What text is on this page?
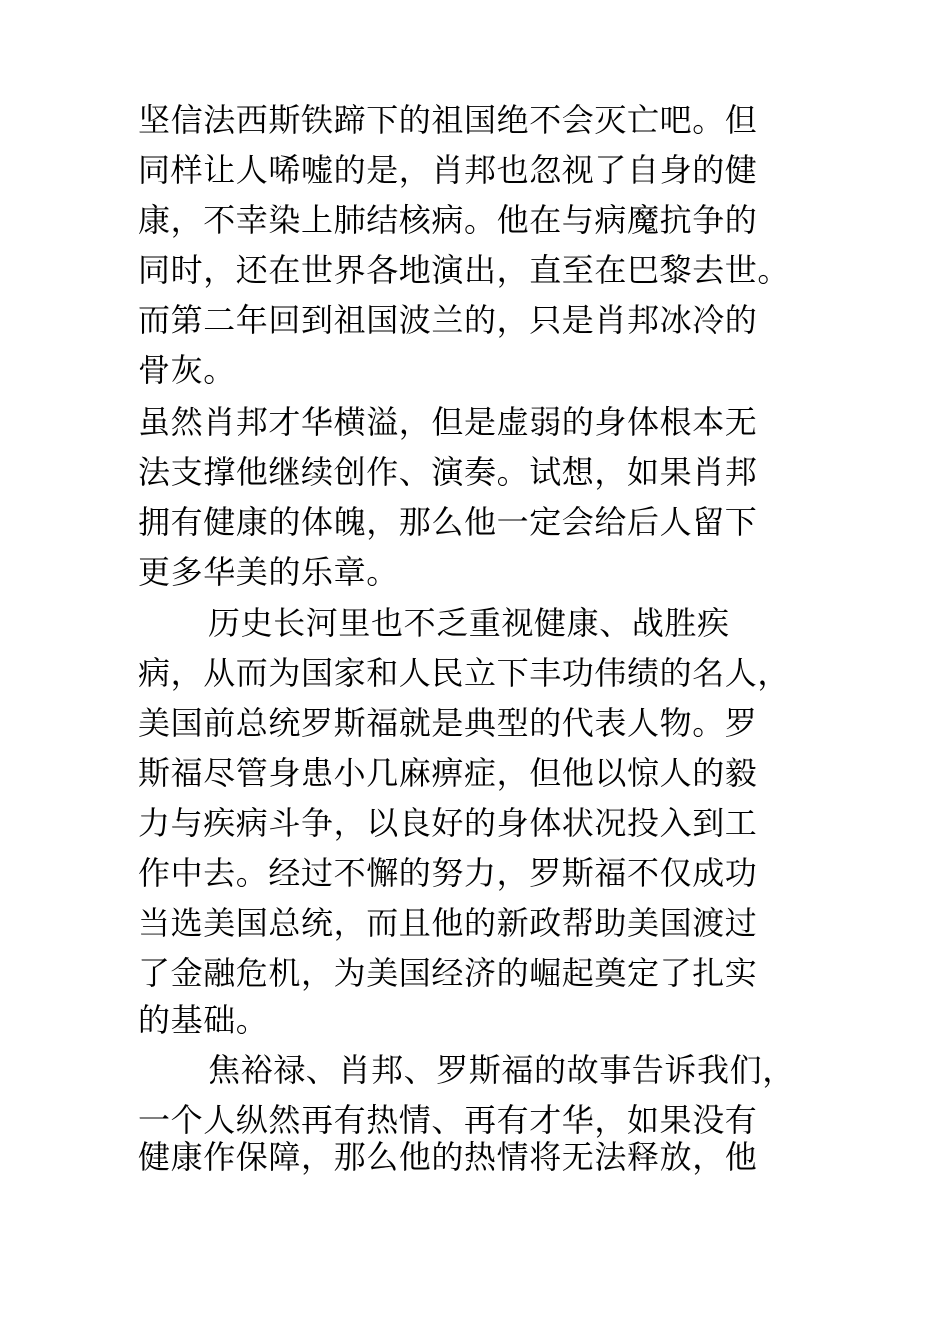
坚信法西斯铁蹄下的祖国绝不会灭亡吧。但
同样让人唏嘘的是，肖邦也忽视了自身的健
康，不幸染上肺结核病。他在与病魔抗争的
同时，还在世界各地演出，直至在巴黎去世。
而第二年回到祖国波兰的，只是肖邦冰冷的
骨灰。
虽然肖邦才华横溢，但是虚弱的身体根本无
法支撑他继续创作、演奏。试想，如果肖邦
拥有健康的体魄，那么他一定会给后人留下
更多华美的乐章。
历史长河里也不乏重视健康、战胜疾
病，从而为国家和人民立下丰功伟绩的名人，
美国前总统罗斯福就是典型的代表人物。罗
斯福尽管身患小几麻痹症，但他以惊人的毅
力与疾病斗争，以良好的身体状况投入到工
作中去。经过不懈的努力，罗斯福不仅成功
当选美国总统，而且他的新政帮助美国渡过
了金融危机，为美国经济的崛起奠定了扎实
的基础。
焦裕禄、肖邦、罗斯福的故事告诉我们，
一个人纵然再有热情、再有才华，如果没有
健康作保障，那么他的热情将无法释放，他
